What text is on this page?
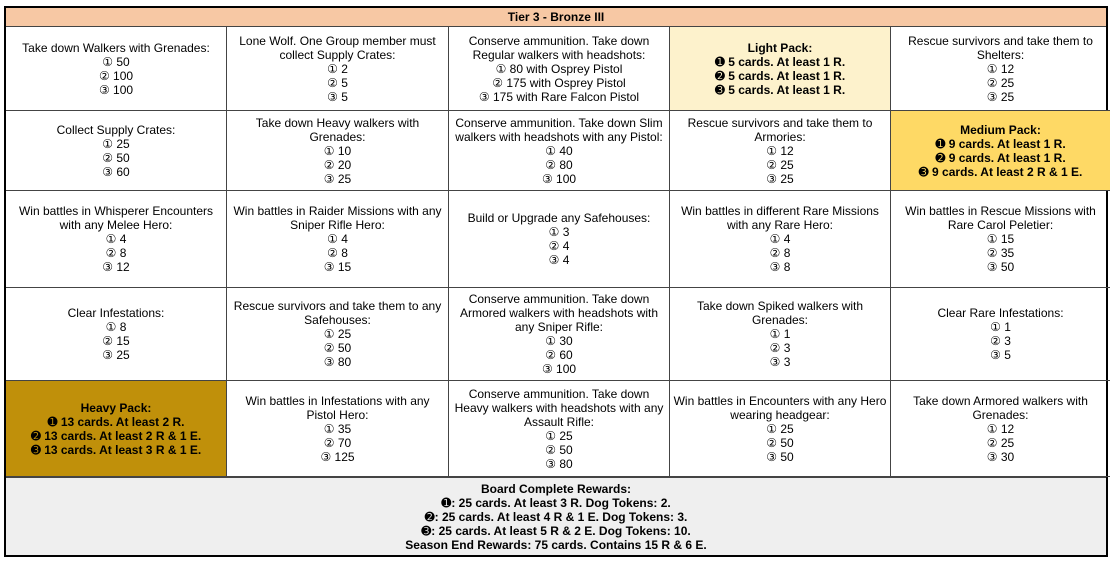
Tier 3 - Bronze III
Take down Walkers with Grenades:
① 50
② 100
③ 100
Lone Wolf. One Group member must collect Supply Crates:
① 2
② 5
③ 5
Conserve ammunition. Take down Regular walkers with headshots:
① 80 with Osprey Pistol
② 175 with Osprey Pistol
③ 175 with Rare Falcon Pistol
Light Pack:
➊ 5 cards. At least 1 R.
➋ 5 cards. At least 1 R.
➌ 5 cards. At least 1 R.
Rescue survivors and take them to Shelters:
① 12
② 25
③ 25
Collect Supply Crates:
① 25
② 50
③ 60
Take down Heavy walkers with Grenades:
① 10
② 20
③ 25
Conserve ammunition. Take down Slim walkers with headshots with any Pistol:
① 40
② 80
③ 100
Rescue survivors and take them to Armories:
① 12
② 25
③ 25
Medium Pack:
➊ 9 cards. At least 1 R.
➋ 9 cards. At least 1 R.
➌ 9 cards. At least 2 R & 1 E.
Win battles in Whisperer Encounters with any Melee Hero:
① 4
② 8
③ 12
Win battles in Raider Missions with any Sniper Rifle Hero:
① 4
② 8
③ 15
Build or Upgrade any Safehouses:
① 3
② 4
③ 4
Win battles in different Rare Missions with any Rare Hero:
① 4
② 8
③ 8
Win battles in Rescue Missions with Rare Carol Peletier:
① 15
② 35
③ 50
Clear Infestations:
① 8
② 15
③ 25
Rescue survivors and take them to any Safehouses:
① 25
② 50
③ 80
Conserve ammunition. Take down Armored walkers with headshots with any Sniper Rifle:
① 30
② 60
③ 100
Take down Spiked walkers with Grenades:
① 1
② 3
③ 3
Clear Rare Infestations:
① 1
② 3
③ 5
Heavy Pack:
➊ 13 cards. At least 2 R.
➋ 13 cards. At least 2 R & 1 E.
➌ 13 cards. At least 3 R & 1 E.
Win battles in Infestations with any Pistol Hero:
① 35
② 70
③ 125
Conserve ammunition. Take down Heavy walkers with headshots with any Assault Rifle:
① 25
② 50
③ 80
Win battles in Encounters with any Hero wearing headgear:
① 25
② 50
③ 50
Take down Armored walkers with Grenades:
① 12
② 25
③ 30
Board Complete Rewards:
➊: 25 cards. At least 3 R. Dog Tokens: 2.
➋: 25 cards. At least 4 R & 1 E. Dog Tokens: 3.
➌: 25 cards. At least 5 R & 2 E. Dog Tokens: 10.
Season End Rewards: 75 cards. Contains 15 R & 6 E.
